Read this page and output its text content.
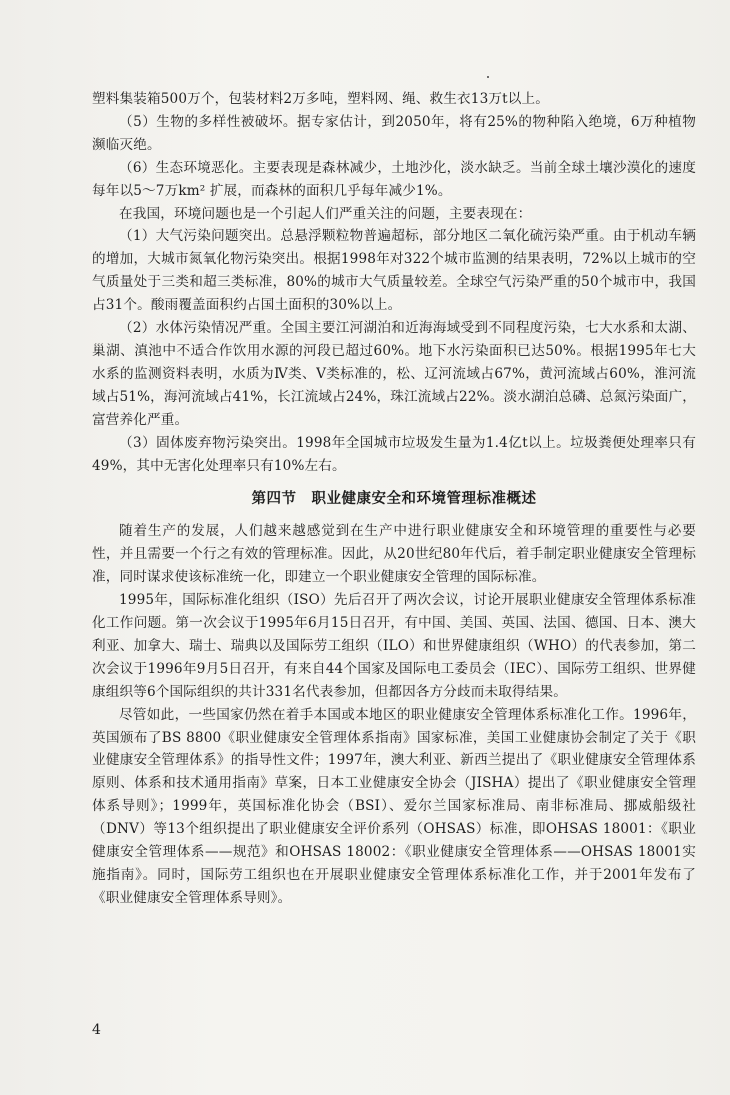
塑料集装箱500万个，包装材料2万多吨，塑料网、绳、救生衣13万t以上。

（5）生物的多样性被破坏。据专家估计，到2050年，将有25%的物种陷入绝境，6万种植物濒临灭绝。

（6）生态环境恶化。主要表现是森林减少，土地沙化，淡水缺乏。当前全球土壤沙漠化的速度每年以5～7万km² 扩展，而森林的面积几乎每年减少1%。

在我国，环境问题也是一个引起人们严重关注的问题，主要表现在：

（1）大气污染问题突出。总悬浮颗粒物普遍超标，部分地区二氧化硫污染严重。由于机动车辆的增加，大城市氮氧化物污染突出。根据1998年对322个城市监测的结果表明，72%以上城市的空气质量处于三类和超三类标准，80%的城市大气质量较差。全球空气污染严重的50个城市中，我国占31个。酸雨覆盖面积约占国土面积的30%以上。

（2）水体污染情况严重。全国主要江河湖泊和近海海域受到不同程度污染，七大水系和太湖、巢湖、滇池中不适合作饮用水源的河段已超过60%。地下水污染面积已达50%。根据1995年七大水系的监测资料表明，水质为Ⅳ类、Ⅴ类标准的，松、辽河流域占67%，黄河流域占60%，淮河流域占51%，海河流域占41%，长江流域占24%，珠江流域占22%。淡水湖泊总磷、总氮污染面广，富营养化严重。

（3）固体废弃物污染突出。1998年全国城市垃圾发生量为1.4亿t以上。垃圾粪便处理率只有49%，其中无害化处理率只有10%左右。

第四节　职业健康安全和环境管理标准概述

随着生产的发展，人们越来越感觉到在生产中进行职业健康安全和环境管理的重要性与必要性，并且需要一个行之有效的管理标准。因此，从20世纪80年代后，着手制定职业健康安全管理标准，同时谋求使该标准统一化，即建立一个职业健康安全管理的国际标准。

1995年，国际标准化组织（ISO）先后召开了两次会议，讨论开展职业健康安全管理体系标准化工作问题。第一次会议于1995年6月15日召开，有中国、美国、英国、法国、德国、日本、澳大利亚、加拿大、瑞士、瑞典以及国际劳工组织（ILO）和世界健康组织（WHO）的代表参加，第二次会议于1996年9月5日召开，有来自44个国家及国际电工委员会（IEC）、国际劳工组织、世界健康组织等6个国际组织的共计331名代表参加，但都因各方分歧而未取得结果。

尽管如此，一些国家仍然在着手本国或本地区的职业健康安全管理体系标准化工作。1996年，英国颁布了BS 8800《职业健康安全管理体系指南》国家标准，美国工业健康协会制定了关于《职业健康安全管理体系》的指导性文件；1997年，澳大利亚、新西兰提出了《职业健康安全管理体系原则、体系和技术通用指南》草案，日本工业健康安全协会（JISHA）提出了《职业健康安全管理体系导则》；1999年，英国标准化协会（BSI）、爱尔兰国家标准局、南非标准局、挪威船级社（DNV）等13个组织提出了职业健康安全评价系列（OHSAS）标准，即OHSAS 18001：《职业健康安全管理体系——规范》和OHSAS 18002：《职业健康安全管理体系——OHSAS 18001实施指南》。同时，国际劳工组织也在开展职业健康安全管理体系标准化工作，并于2001年发布了《职业健康安全管理体系导则》。

4
